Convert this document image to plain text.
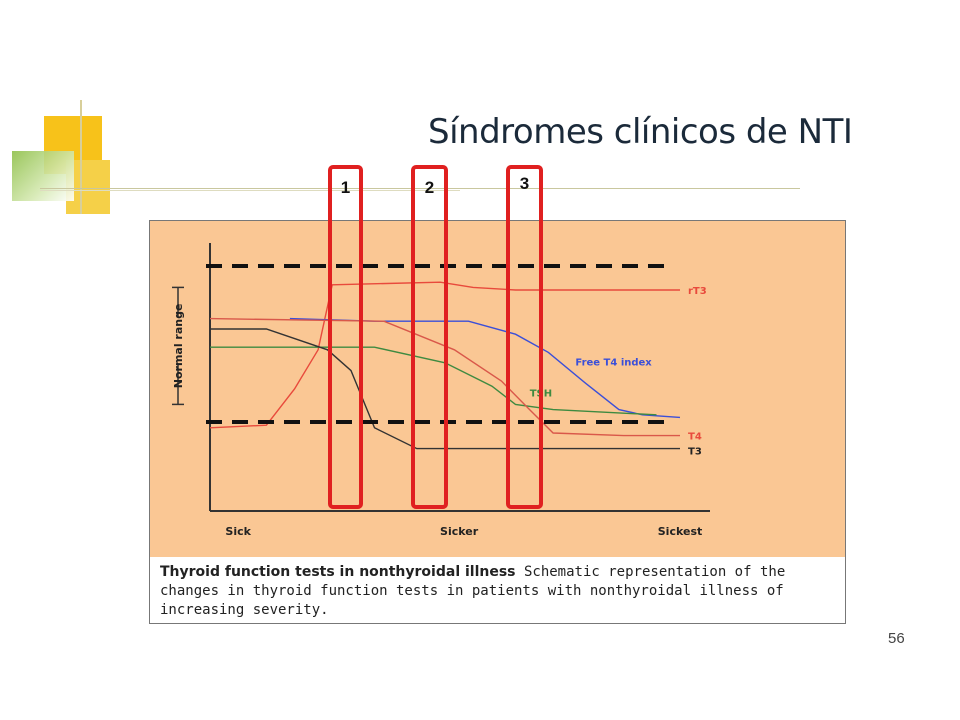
Síndromes clínicos de NTI
Normal range
Sick	Sicker	Sickest
rT3
Free T4 index
TSH
T4
T3
Thyroid function tests in nonthyroidal illness Schematic representation of the changes in thyroid function tests in patients with nonthyroidal illness of increasing severity.
1	2	3
56
